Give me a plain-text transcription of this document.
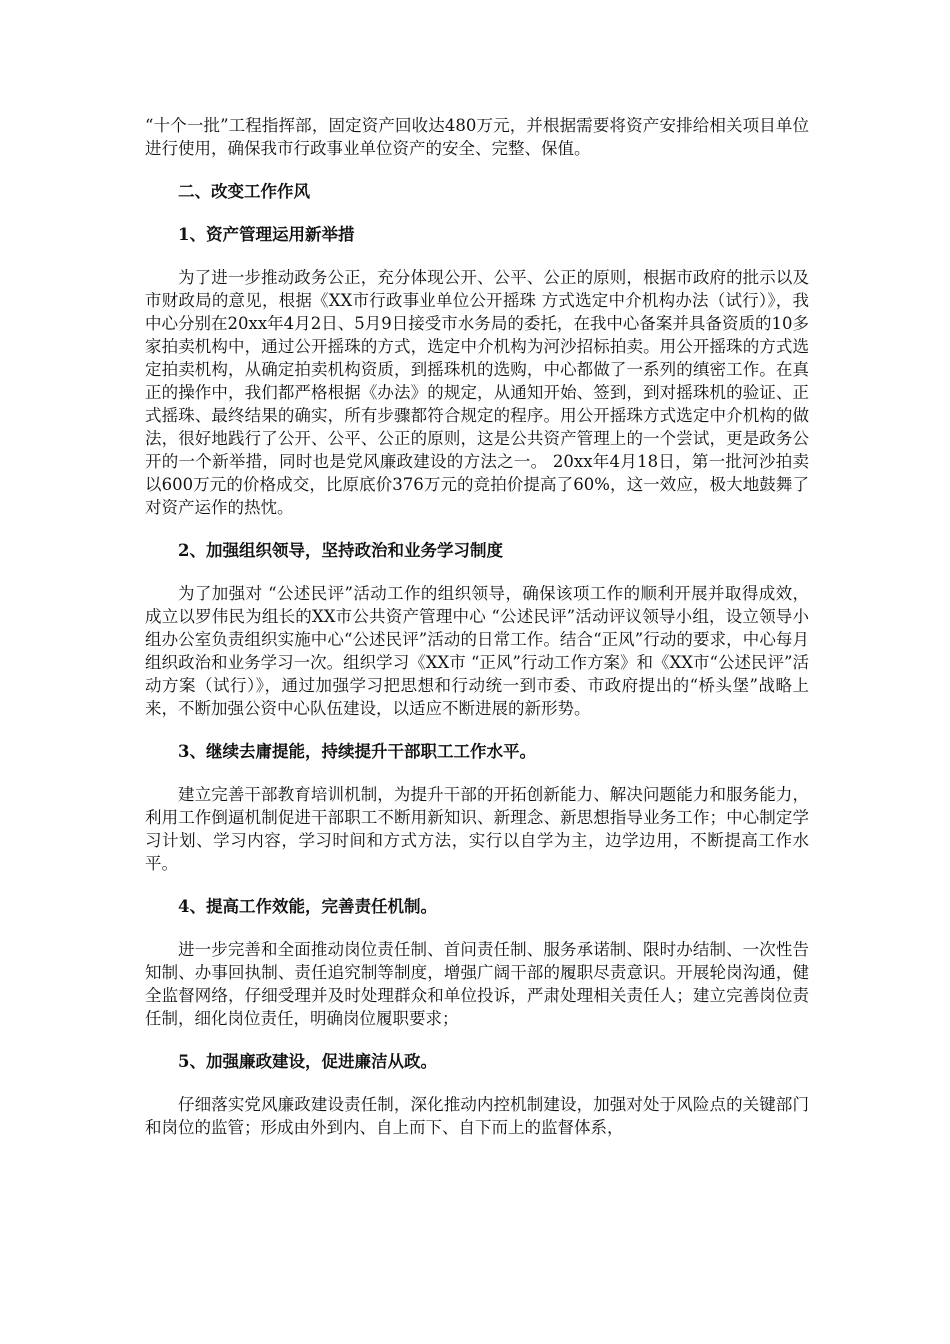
“十个一批”工程指挥部，固定资产回收达480万元，并根据需要将资产安排给相关项目单位进行使用，确保我市行政事业单位资产的安全、完整、保值。

二、改变工作作风

1、资产管理运用新举措

为了进一步推动政务公正，充分体现公开、公平、公正的原则，根据市政府的批示以及市财政局的意见，根据《XX市行政事业单位公开摇珠 方式选定中介机构办法（试行）》，我中心分别在20xx年4月2日、5月9日接受市水务局的委托，在我中心备案并具备资质的10多家拍卖机构中，通过公开摇珠的方式，选定中介机构为河沙招标拍卖。用公开摇珠的方式选定拍卖机构，从确定拍卖机构资质，到摇珠机的选购，中心都做了一系列的缜密工作。在真正的操作中，我们都严格根据《办法》的规定，从通知开始、签到，到对摇珠机的验证、正式摇珠、最终结果的确实，所有步骤都符合规定的程序。用公开摇珠方式选定中介机构的做法，很好地践行了公开、公平、公正的原则，这是公共资产管理上的一个尝试，更是政务公开的一个新举措，同时也是党风廉政建设的方法之一。 20xx年4月18日，第一批河沙拍卖以600万元的价格成交，比原底价376万元的竞拍价提高了60%，这一效应，极大地鼓舞了对资产运作的热忱。

2、加强组织领导，坚持政治和业务学习制度

为了加强对 “公述民评”活动工作的组织领导，确保该项工作的顺利开展并取得成效，成立以罗伟民为组长的XX市公共资产管理中心 “公述民评”活动评议领导小组，设立领导小组办公室负责组织实施中心“公述民评”活动的日常工作。结合“正风”行动的要求，中心每月组织政治和业务学习一次。组织学习《XX市 “正风”行动工作方案》和《XX市“公述民评”活动方案（试行）》，通过加强学习把思想和行动统一到市委、市政府提出的“桥头堡”战略上来，不断加强公资中心队伍建设，以适应不断进展的新形势。

3、继续去庸提能，持续提升干部职工工作水平。

建立完善干部教育培训机制，为提升干部的开拓创新能力、解决问题能力和服务能力，利用工作倒逼机制促进干部职工不断用新知识、新理念、新思想指导业务工作；中心制定学习计划、学习内容，学习时间和方式方法，实行以自学为主，边学边用，不断提高工作水平。

4、提高工作效能，完善责任机制。

进一步完善和全面推动岗位责任制、首问责任制、服务承诺制、限时办结制、一次性告知制、办事回执制、责任追究制等制度，增强广阔干部的履职尽责意识。开展轮岗沟通，健全监督网络，仔细受理并及时处理群众和单位投诉，严肃处理相关责任人；建立完善岗位责任制，细化岗位责任，明确岗位履职要求；

5、加强廉政建设，促进廉洁从政。

仔细落实党风廉政建设责任制，深化推动内控机制建设，加强对处于风险点的关键部门和岗位的监管；形成由外到内、自上而下、自下而上的监督体系，
